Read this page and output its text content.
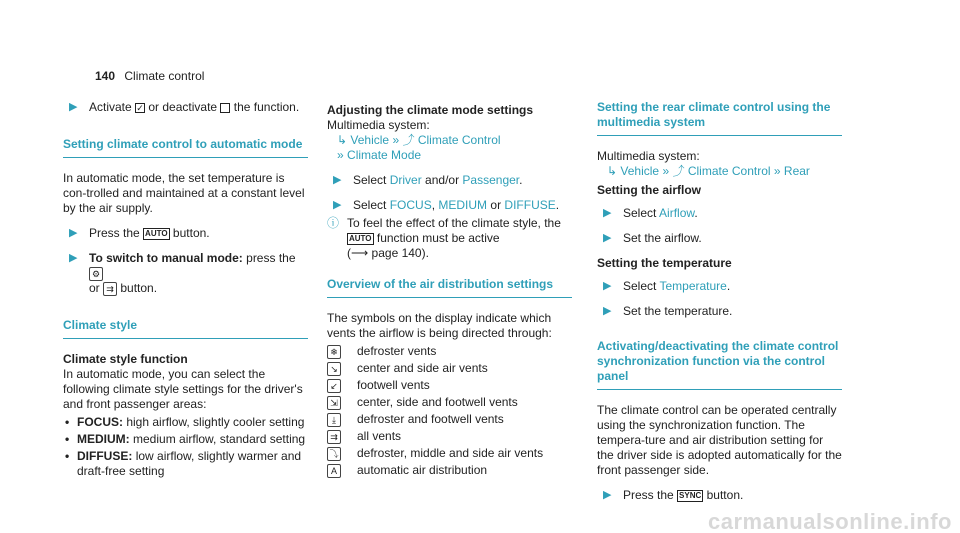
140 Climate control
▶ Activate ✓ or deactivate the function.
Setting climate control to automatic mode

In automatic mode, the set temperature is con-trolled and maintained at a constant level by the air supply.

▶ Press the AUTO button.
▶ To switch to manual mode: press the ⚙
or ⇉ button.
Climate style
Climate style function

In automatic mode, you can select the following climate style settings for the driver's and front passenger areas:

• FOCUS: high airflow, slightly cooler setting
• MEDIUM: medium airflow, standard setting
• DIFFUSE: low airflow, slightly warmer and draft-free setting
Adjusting the climate mode settings
Multimedia system:
↳ Vehicle » ⤴ Climate Control
» Climate Mode
▶ Select Driver and/or Passenger.
▶ Select FOCUS, MEDIUM or DIFFUSE.
ⓘ To feel the effect of the climate style, the AUTO function must be active
(⟶ page 140).
Overview of the air distribution settings

The symbols on the display indicate which vents the airflow is being directed through:

❄ defroster vents
↘ center and side air vents
↙ footwell vents
⇲ center, side and footwell vents
⤓	defroster and footwell vents
⇉ all vents
⤵ defroster, middle and side air vents
A	automatic air distribution
Setting the rear climate control using the multimedia system
Multimedia system:
↳ Vehicle » ⤴ Climate Control » Rear
Setting the airflow
▶ Select Airflow.
▶ Set the airflow.
Setting the temperature
▶ Select Temperature.
▶ Set the temperature.
Activating/deactivating the climate control synchronization function via the control panel

The climate control can be operated centrally using the synchronization function. The tempera-ture and air distribution setting for the driver side is adopted automatically for the front passenger side.

▶ Press the SYNC button.
carmanualsonline.info
